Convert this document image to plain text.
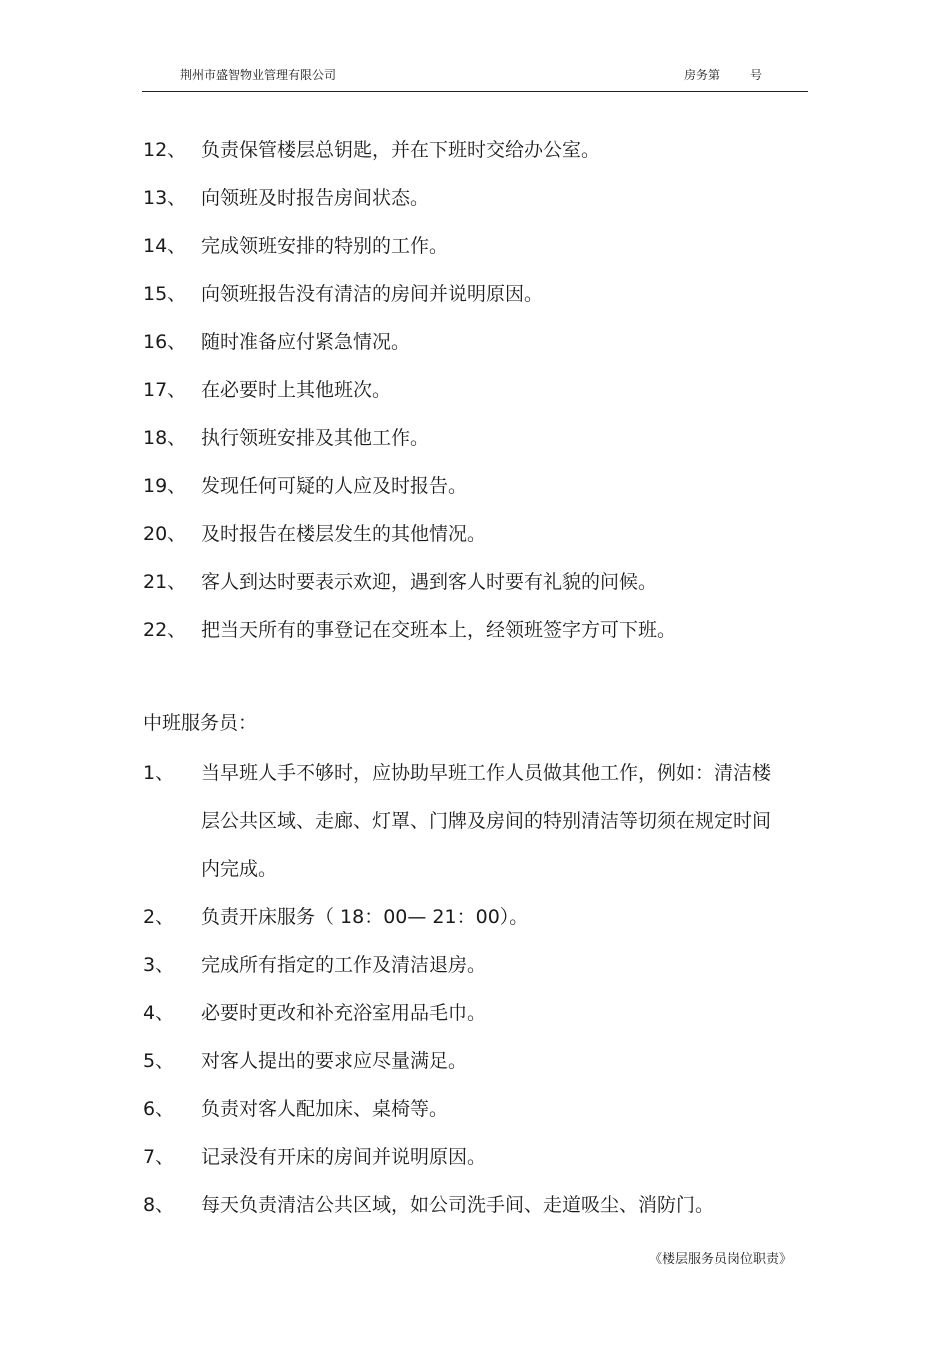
荆州市盛智物业管理有限公司	房务第	号
12、 负责保管楼层总钥匙，并在下班时交给办公室。
13、 向领班及时报告房间状态。
14、 完成领班安排的特别的工作。
15、 向领班报告没有清洁的房间并说明原因。
16、 随时准备应付紧急情况。
17、 在必要时上其他班次。
18、 执行领班安排及其他工作。
19、 发现任何可疑的人应及时报告。
20、 及时报告在楼层发生的其他情况。
21、 客人到达时要表示欢迎，遇到客人时要有礼貌的问候。
22、 把当天所有的事登记在交班本上，经领班签字方可下班。
中班服务员：
1、 当早班人手不够时，应协助早班工作人员做其他工作，例如：清洁楼层公共区域、走廊、灯罩、门牌及房间的特别清洁等切须在规定时间内完成。
2、 负责开床服务（ 18：00— 21：00）。
3、 完成所有指定的工作及清洁退房。
4、 必要时更改和补充浴室用品毛巾。
5、 对客人提出的要求应尽量满足。
6、 负责对客人配加床、桌椅等。
7、 记录没有开床的房间并说明原因。
8、 每天负责清洁公共区域，如公司洗手间、走道吸尘、消防门。
《楼层服务员岗位职责》
